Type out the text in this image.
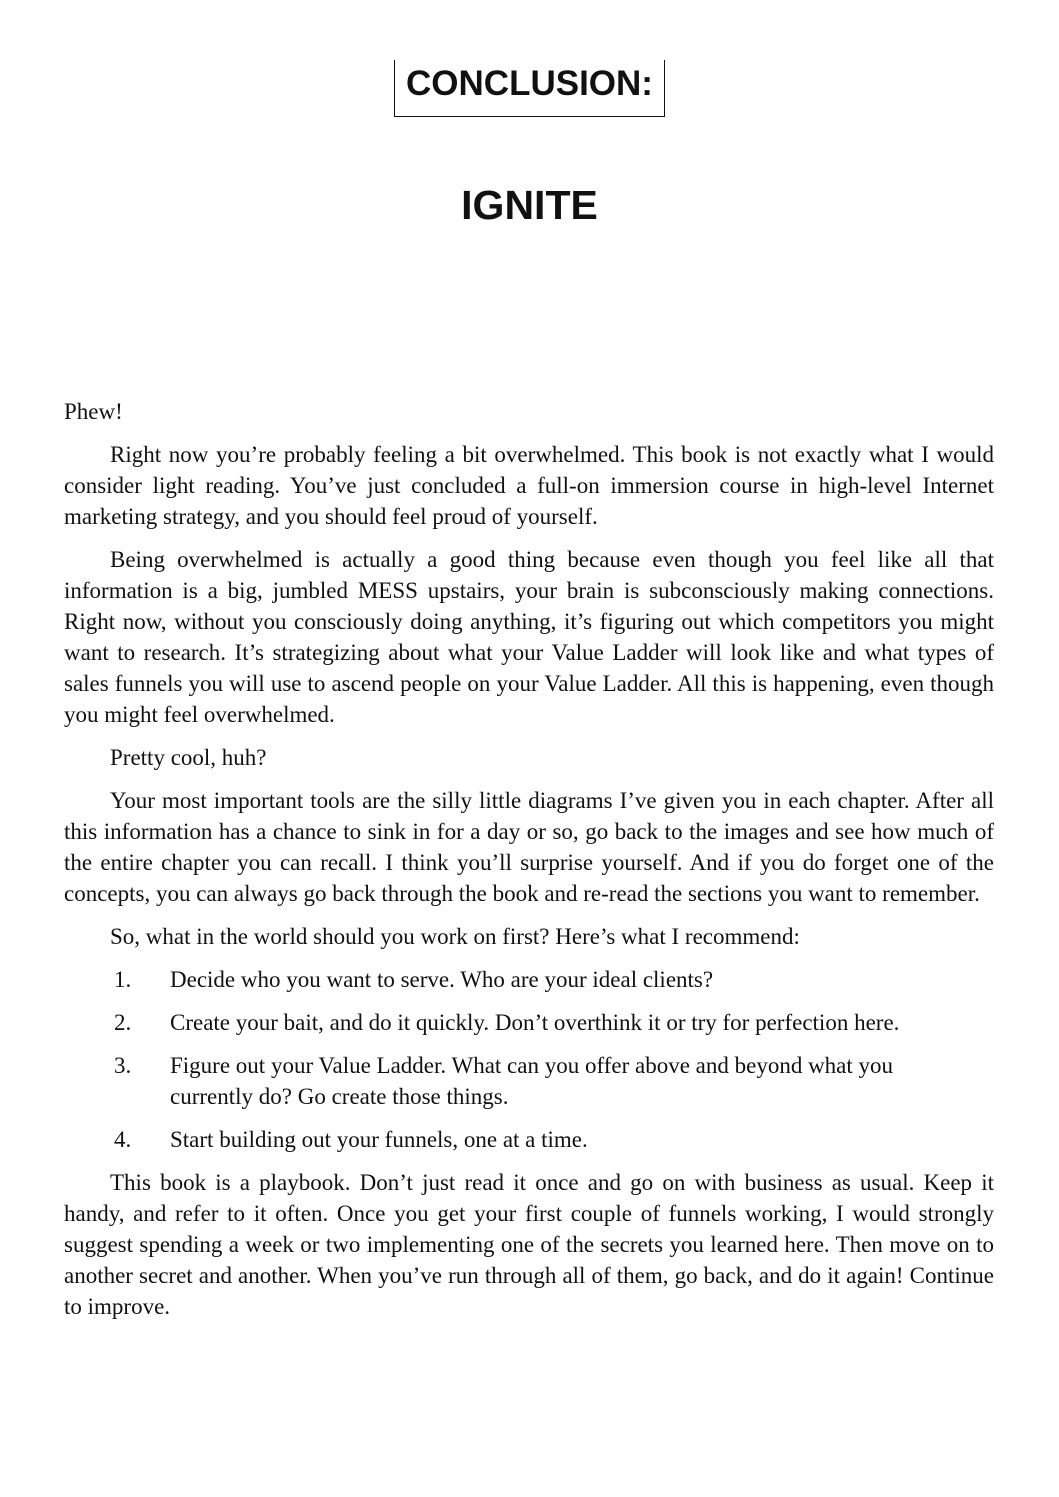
CONCLUSION:
IGNITE

Phew!

Right now you’re probably feeling a bit overwhelmed. This book is not exactly what I would consider light reading. You’ve just concluded a full-on immersion course in high-level Internet marketing strategy, and you should feel proud of yourself.

Being overwhelmed is actually a good thing because even though you feel like all that information is a big, jumbled MESS upstairs, your brain is subconsciously making connections. Right now, without you consciously doing anything, it’s figuring out which competitors you might want to research. It’s strategizing about what your Value Ladder will look like and what types of sales funnels you will use to ascend people on your Value Ladder. All this is happening, even though you might feel overwhelmed.

Pretty cool, huh?

Your most important tools are the silly little diagrams I’ve given you in each chapter. After all this information has a chance to sink in for a day or so, go back to the images and see how much of the entire chapter you can recall. I think you’ll surprise yourself. And if you do forget one of the concepts, you can always go back through the book and re-read the sections you want to remember.

So, what in the world should you work on first? Here’s what I recommend:

1.	Decide who you want to serve. Who are your ideal clients?
2.	Create your bait, and do it quickly. Don’t overthink it or try for perfection here.
3.	Figure out your Value Ladder. What can you offer above and beyond what you currently do? Go create those things.
4.	Start building out your funnels, one at a time.

This book is a playbook. Don’t just read it once and go on with business as usual. Keep it handy, and refer to it often. Once you get your first couple of funnels working, I would strongly suggest spending a week or two implementing one of the secrets you learned here. Then move on to another secret and another. When you’ve run through all of them, go back, and do it again! Continue to improve.
